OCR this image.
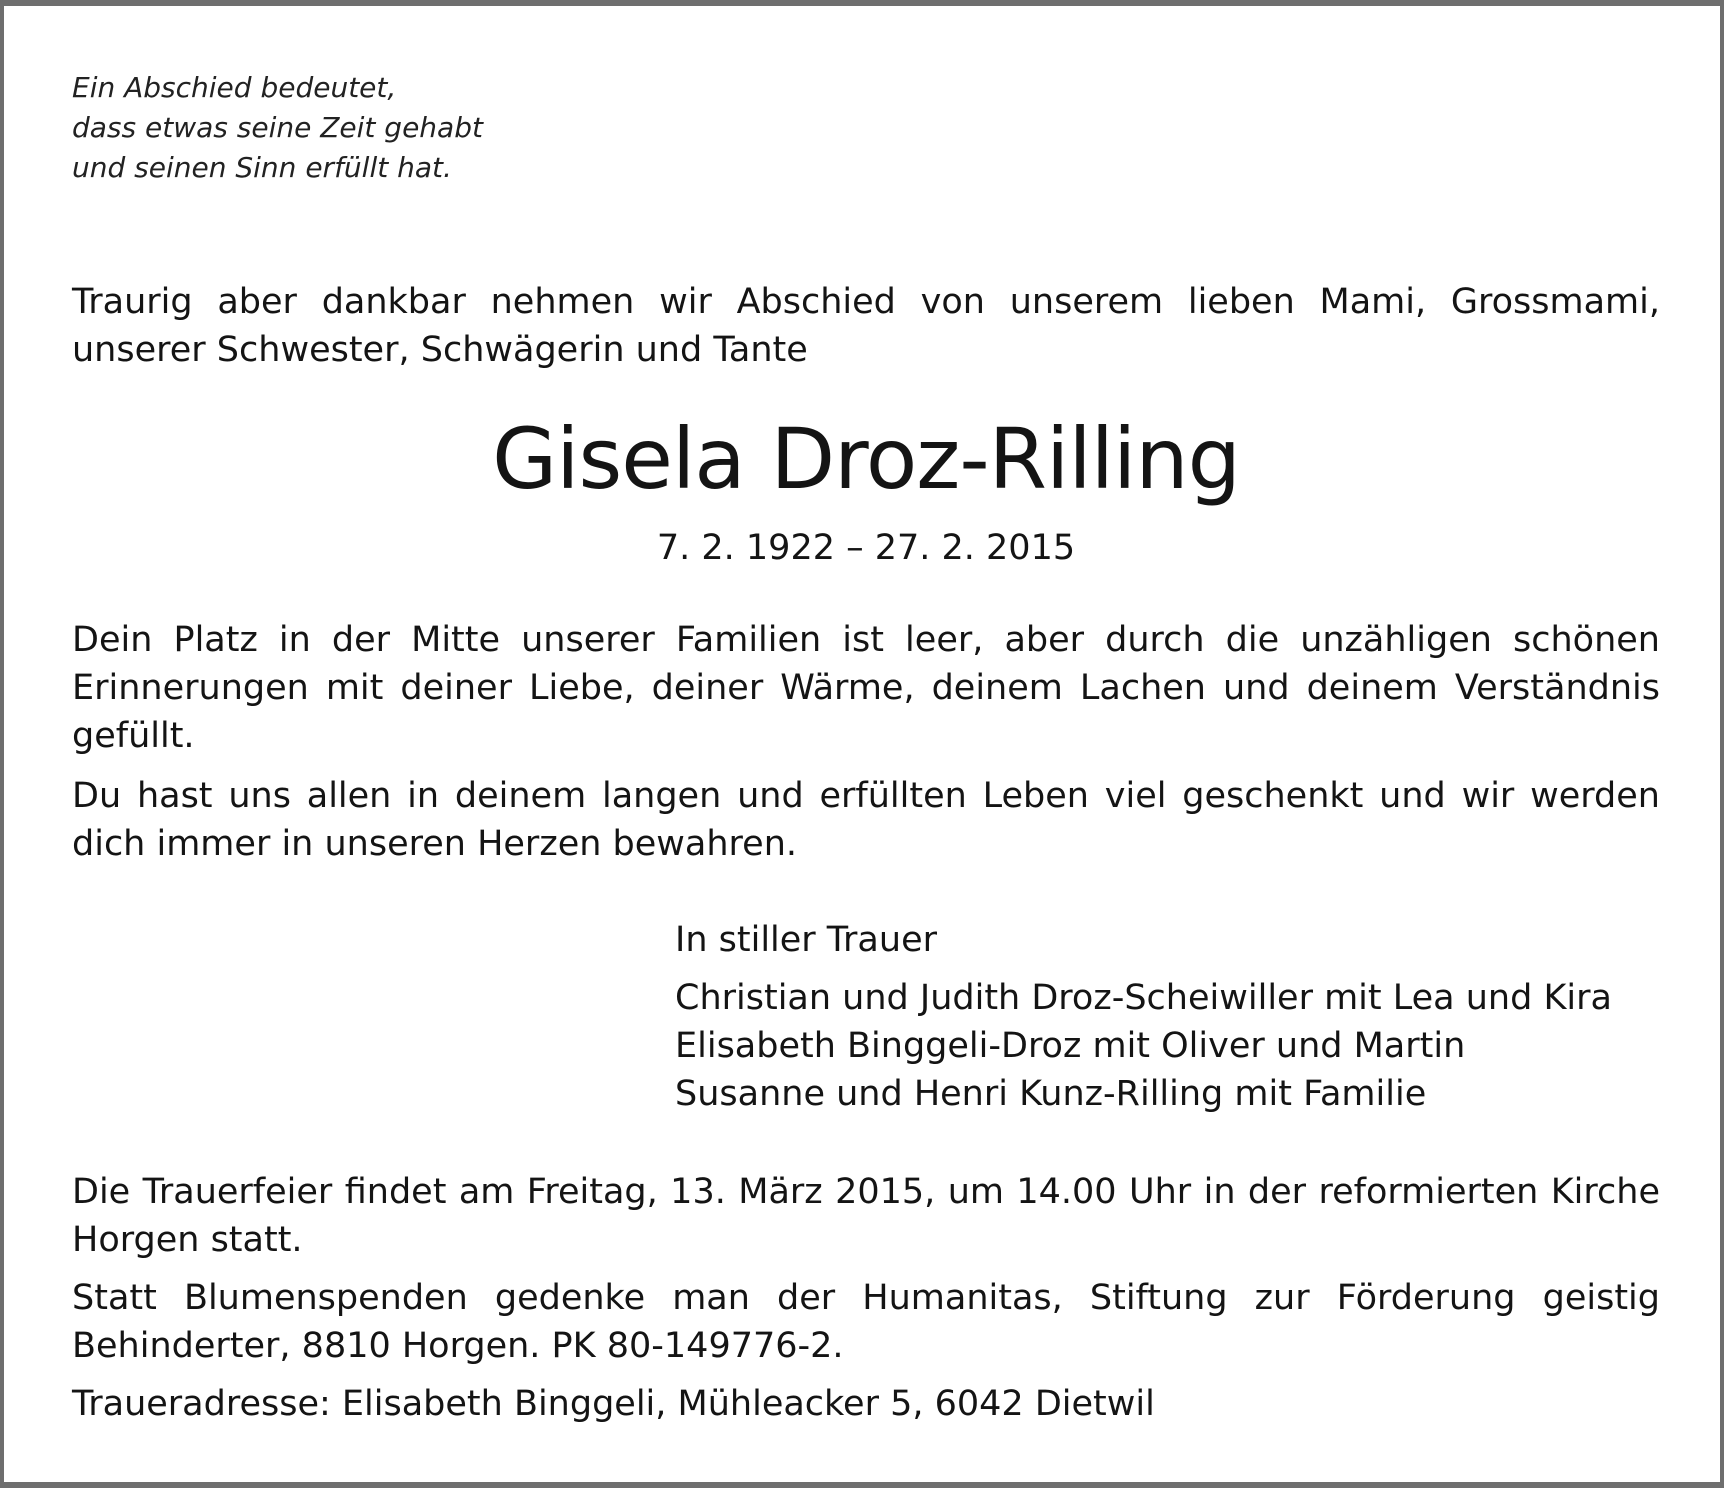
Ein Abschied bedeutet,
dass etwas seine Zeit gehabt
und seinen Sinn erfüllt hat.
Traurig aber dankbar nehmen wir Abschied von unserem lieben Mami, Grossmami, unserer Schwester, Schwägerin und Tante
Gisela Droz-Rilling
7. 2. 1922 – 27. 2. 2015
Dein Platz in der Mitte unserer Familien ist leer, aber durch die unzähligen schönen Erinnerungen mit deiner Liebe, deiner Wärme, deinem Lachen und deinem Verständnis gefüllt.
Du hast uns allen in deinem langen und erfüllten Leben viel geschenkt und wir werden dich immer in unseren Herzen bewahren.
In stiller Trauer
Christian und Judith Droz-Scheiwiller mit Lea und Kira
Elisabeth Binggeli-Droz mit Oliver und Martin
Susanne und Henri Kunz-Rilling mit Familie
Die Trauerfeier findet am Freitag, 13. März 2015, um 14.00 Uhr in der reformierten Kirche Horgen statt.
Statt Blumenspenden gedenke man der Humanitas, Stiftung zur Förderung geistig Behinderter, 8810 Horgen. PK 80-149776-2.
Traueradresse: Elisabeth Binggeli, Mühleacker 5, 6042 Dietwil
